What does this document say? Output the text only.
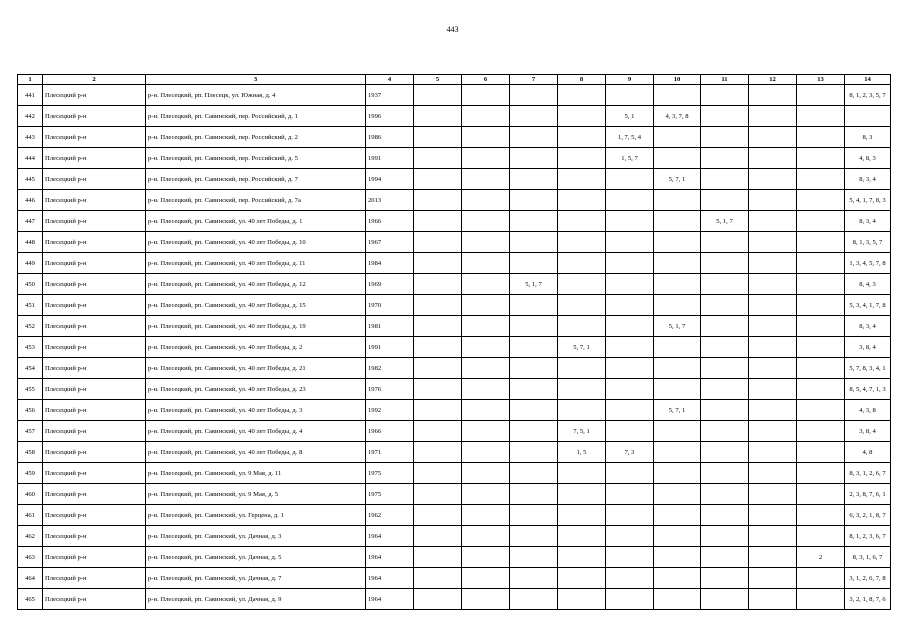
443
1	2	3	4	5	6	7	8	9	10	11	12	13	14
441	Плесецкий р-н	р-н. Плесецкий, рп. Плесецк, ул. Южная, д. 4	1937										8, 1, 2, 3, 5, 7
442	Плесецкий р-н	р-н. Плесецкий, рп. Савинский, пер. Российский, д. 1	1996					5, 1	4, 3, 7, 8				
443	Плесецкий р-н	р-н. Плесецкий, рп. Савинский, пер. Российский, д. 2	1986					1, 7, 5, 4					8, 3
444	Плесецкий р-н	р-н. Плесецкий, рп. Савинский, пер. Российский, д. 5	1991					1, 5, 7					4, 8, 3
445	Плесецкий р-н	р-н. Плесецкий, рп. Савинский, пер. Российский, д. 7	1994						5, 7, 1				8, 3, 4
446	Плесецкий р-н	р-н. Плесецкий, рп. Савинский, пер. Российский, д. 7а	2013										5, 4, 1, 7, 8, 3
447	Плесецкий р-н	р-н. Плесецкий, рп. Савинский, ул. 40 лет Победы, д. 1	1966							5, 1, 7			8, 3, 4
448	Плесецкий р-н	р-н. Плесецкий, рп. Савинский, ул. 40 лет Победы, д. 10	1967										8, 1, 3, 5, 7
449	Плесецкий р-н	р-н. Плесецкий, рп. Савинский, ул. 40 лет Победы, д. 11	1984										1, 3, 4, 5, 7, 8
450	Плесецкий р-н	р-н. Плесецкий, рп. Савинский, ул. 40 лет Победы, д. 12	1969			5, 1, 7							8, 4, 3
451	Плесецкий р-н	р-н. Плесецкий, рп. Савинский, ул. 40 лет Победы, д. 15	1970										5, 3, 4, 1, 7, 8
452	Плесецкий р-н	р-н. Плесецкий, рп. Савинский, ул. 40 лет Победы, д. 19	1981						5, 1, 7				8, 3, 4
453	Плесецкий р-н	р-н. Плесецкий, рп. Савинский, ул. 40 лет Победы, д. 2	1991				5, 7, 1						3, 8, 4
454	Плесецкий р-н	р-н. Плесецкий, рп. Савинский, ул. 40 лет Победы, д. 21	1982										5, 7, 8, 3, 4, 1
455	Плесецкий р-н	р-н. Плесецкий, рп. Савинский, ул. 40 лет Победы, д. 23	1976										8, 5, 4, 7, 1, 3
456	Плесецкий р-н	р-н. Плесецкий, рп. Савинский, ул. 40 лет Победы, д. 3	1992						5, 7, 1				4, 3, 8
457	Плесецкий р-н	р-н. Плесецкий, рп. Савинский, ул. 40 лет Победы, д. 4	1966				7, 5, 1						3, 8, 4
458	Плесецкий р-н	р-н. Плесецкий, рп. Савинский, ул. 40 лет Победы, д. 8	1971				1, 5	7, 3					4, 8
459	Плесецкий р-н	р-н. Плесецкий, рп. Савинский, ул. 9 Мая, д. 11	1975										8, 3, 1, 2, 6, 7
460	Плесецкий р-н	р-н. Плесецкий, рп. Савинский, ул. 9 Мая, д. 5	1975										2, 3, 8, 7, 6, 1
461	Плесецкий р-н	р-н. Плесецкий, рп. Савинский, ул. Герцена, д. 1	1962										6, 3, 2, 1, 8, 7
462	Плесецкий р-н	р-н. Плесецкий, рп. Савинский, ул. Дачная, д. 3	1964										8, 1, 2, 3, 6, 7
463	Плесецкий р-н	р-н. Плесецкий, рп. Савинский, ул. Дачная, д. 5	1964									2	8, 3, 1, 6, 7
464	Плесецкий р-н	р-н. Плесецкий, рп. Савинский, ул. Дачная, д. 7	1964										3, 1, 2, 6, 7, 8
465	Плесецкий р-н	р-н. Плесецкий, рп. Савинский, ул. Дачная, д. 9	1964										3, 2, 1, 8, 7, 6
